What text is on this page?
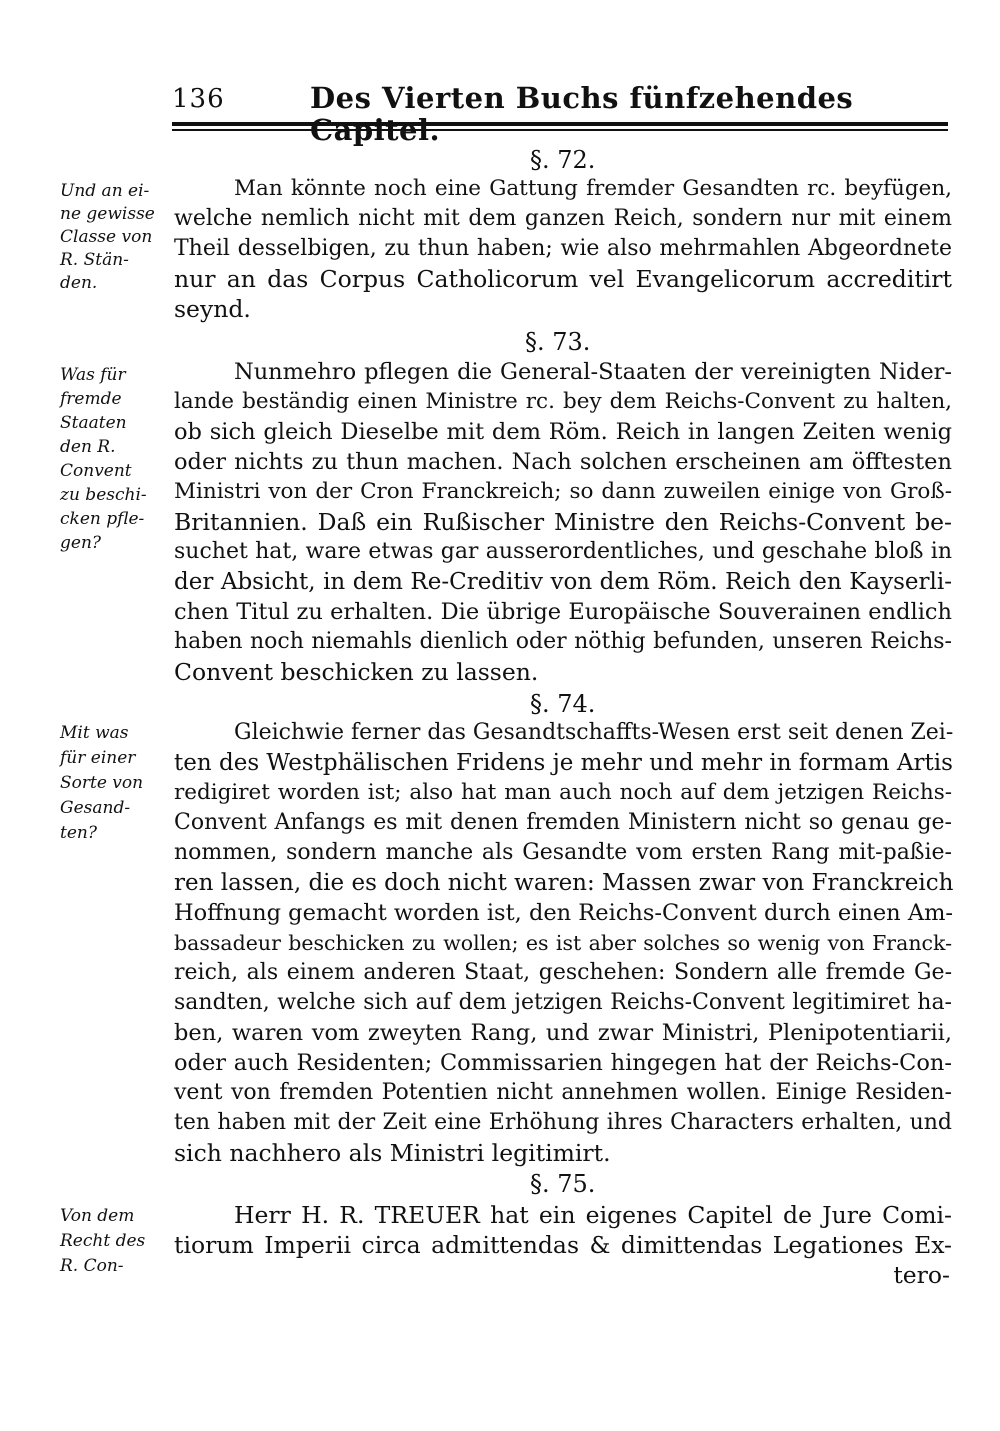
136	Des Vierten Buchs fünfzehendes
§. 72.
Und an ei-
ne gewisse
Classe von
R. Stän-
den.
Man könnte noch eine Gattung fremder Gesandten rc. beyfügen,
welche nemlich nicht mit dem ganzen Reich, sondern nur mit einem
Theil desselbigen, zu thun haben; wie also mehrmahlen Abgeordnete
nur an das Corpus Catholicorum vel Evangelicorum accreditirt
seynd.
§. 73.
Was für
fremde
Staaten
den R.
Convent
zu beschi-
cken pfle-
gen?
Nunmehro pflegen die General-Staaten der vereinigten Nider-
lande beständig einen Ministre rc. bey dem Reichs-Convent zu halten,
ob sich gleich Dieselbe mit dem Röm. Reich in langen Zeiten wenig
oder nichts zu thun machen. Nach solchen erscheinen am öfftesten
Ministri von der Cron Franckreich; so dann zuweilen einige von Groß-
Britannien. Daß ein Rußischer Ministre den Reichs-Convent be-
suchet hat, ware etwas gar ausserordentliches, und geschahe bloß in
der Absicht, in dem Re-Creditiv von dem Röm. Reich den Kayserli-
chen Titul zu erhalten. Die übrige Europäische Souverainen endlich
haben noch niemahls dienlich oder nöthig befunden, unseren Reichs-
Convent beschicken zu lassen.
§. 74.
Mit was
für einer
Sorte von
Gesand-
ten?
Gleichwie ferner das Gesandtschaffts-Wesen erst seit denen Zei-
ten des Westphälischen Fridens je mehr und mehr in formam Artis
redigiret worden ist; also hat man auch noch auf dem jetzigen Reichs-
Convent Anfangs es mit denen fremden Ministern nicht so genau ge-
nommen, sondern manche als Gesandte vom ersten Rang mit-paßie-
ren lassen, die es doch nicht waren: Massen zwar von Franckreich
Hoffnung gemacht worden ist, den Reichs-Convent durch einen Am-
bassadeur beschicken zu wollen; es ist aber solches so wenig von Franck-
reich, als einem anderen Staat, geschehen: Sondern alle fremde Ge-
sandten, welche sich auf dem jetzigen Reichs-Convent legitimiret ha-
ben, waren vom zweyten Rang, und zwar Ministri, Plenipotentiarii,
oder auch Residenten; Commissarien hingegen hat der Reichs-Con-
vent von fremden Potentien nicht annehmen wollen. Einige Residen-
ten haben mit der Zeit eine Erhöhung ihres Characters erhalten, und
sich nachhero als Ministri legitimirt.
§. 75.
Von dem
Recht des
R. Con-
Herr H. R. TREUER hat ein eigenes Capitel de Jure Comi-
tiorum Imperii circa admittendas & dimittendas Legationes Ex-
tero-
